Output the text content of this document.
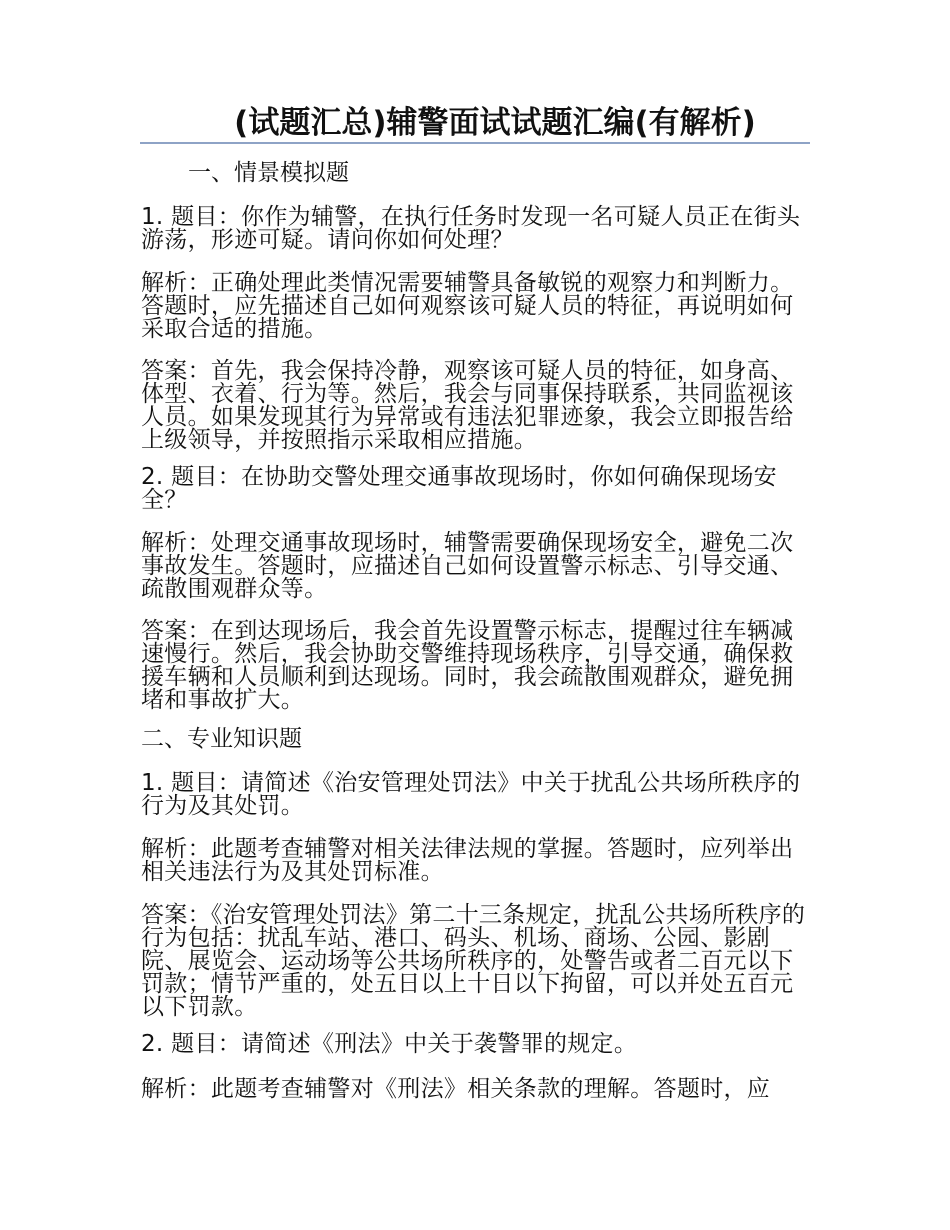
(试题汇总)辅警面试试题汇编(有解析)
一、情景模拟题
1. 题目：你作为辅警，在执行任务时发现一名可疑人员正在街头游荡，形迹可疑。请问你如何处理？
解析：正确处理此类情况需要辅警具备敏锐的观察力和判断力。答题时，应先描述自己如何观察该可疑人员的特征，再说明如何采取合适的措施。
答案：首先，我会保持冷静，观察该可疑人员的特征，如身高、体型、衣着、行为等。然后，我会与同事保持联系，共同监视该人员。如果发现其行为异常或有违法犯罪迹象，我会立即报告给上级领导，并按照指示采取相应措施。
2. 题目：在协助交警处理交通事故现场时，你如何确保现场安全？
解析：处理交通事故现场时，辅警需要确保现场安全，避免二次事故发生。答题时，应描述自己如何设置警示标志、引导交通、疏散围观群众等。
答案：在到达现场后，我会首先设置警示标志，提醒过往车辆减速慢行。然后，我会协助交警维持现场秩序，引导交通，确保救援车辆和人员顺利到达现场。同时，我会疏散围观群众，避免拥堵和事故扩大。
二、专业知识题
1. 题目：请简述《治安管理处罚法》中关于扰乱公共场所秩序的行为及其处罚。
解析：此题考查辅警对相关法律法规的掌握。答题时，应列举出相关违法行为及其处罚标准。
答案：《治安管理处罚法》第二十三条规定，扰乱公共场所秩序的行为包括：扰乱车站、港口、码头、机场、商场、公园、影剧院、展览会、运动场等公共场所秩序的，处警告或者二百元以下罚款；情节严重的，处五日以上十日以下拘留，可以并处五百元以下罚款。
2. 题目：请简述《刑法》中关于袭警罪的规定。
解析：此题考查辅警对《刑法》相关条款的理解。答题时，应
